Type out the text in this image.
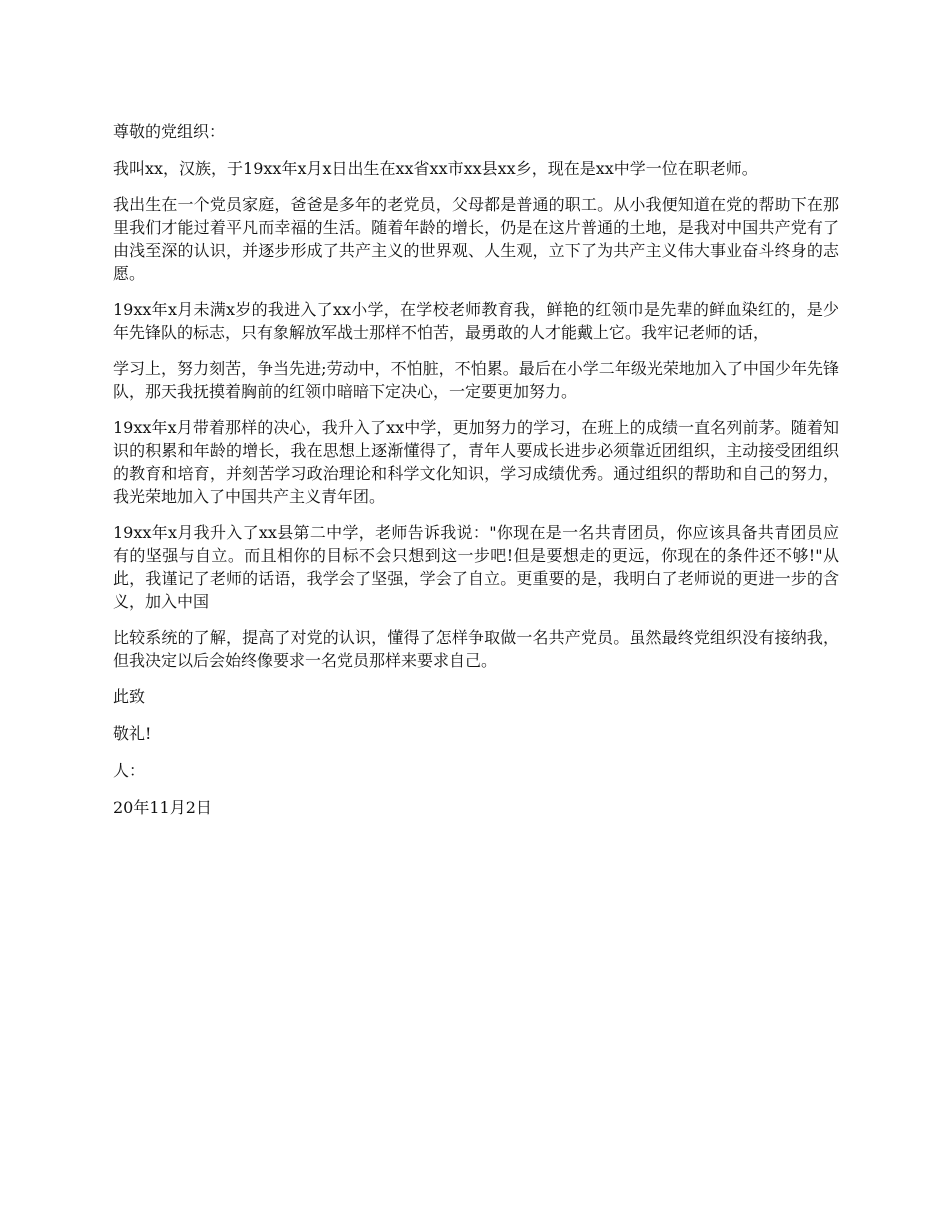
尊敬的党组织：

我叫xx，汉族，于19xx年x月x日出生在xx省xx市xx县xx乡，现在是xx中学一位在职老师。

我出生在一个党员家庭，爸爸是多年的老党员，父母都是普通的职工。从小我便知道在党的帮助下在那里我们才能过着平凡而幸福的生活。随着年龄的增长，仍是在这片普通的土地，是我对中国共产党有了由浅至深的认识，并逐步形成了共产主义的世界观、人生观，立下了为共产主义伟大事业奋斗终身的志愿。

19xx年x月未满x岁的我进入了xx小学，在学校老师教育我，鲜艳的红领巾是先辈的鲜血染红的，是少年先锋队的标志，只有象解放军战士那样不怕苦，最勇敢的人才能戴上它。我牢记老师的话，

学习上，努力刻苦，争当先进;劳动中，不怕脏，不怕累。最后在小学二年级光荣地加入了中国少年先锋队，那天我抚摸着胸前的红领巾暗暗下定决心，一定要更加努力。

19xx年x月带着那样的决心，我升入了xx中学，更加努力的学习，在班上的成绩一直名列前茅。随着知识的积累和年龄的增长，我在思想上逐渐懂得了，青年人要成长进步必须靠近团组织，主动接受团组织的教育和培育，并刻苦学习政治理论和科学文化知识，学习成绩优秀。通过组织的帮助和自己的努力，我光荣地加入了中国共产主义青年团。

19xx年x月我升入了xx县第二中学，老师告诉我说："你现在是一名共青团员，你应该具备共青团员应有的坚强与自立。而且相你的目标不会只想到这一步吧!但是要想走的更远，你现在的条件还不够!"从此，我谨记了老师的话语，我学会了坚强，学会了自立。更重要的是，我明白了老师说的更进一步的含义，加入中国

比较系统的了解，提高了对党的认识，懂得了怎样争取做一名共产党员。虽然最终党组织没有接纳我，但我决定以后会始终像要求一名党员那样来要求自己。

此致

敬礼!

人：

20年11月2日
